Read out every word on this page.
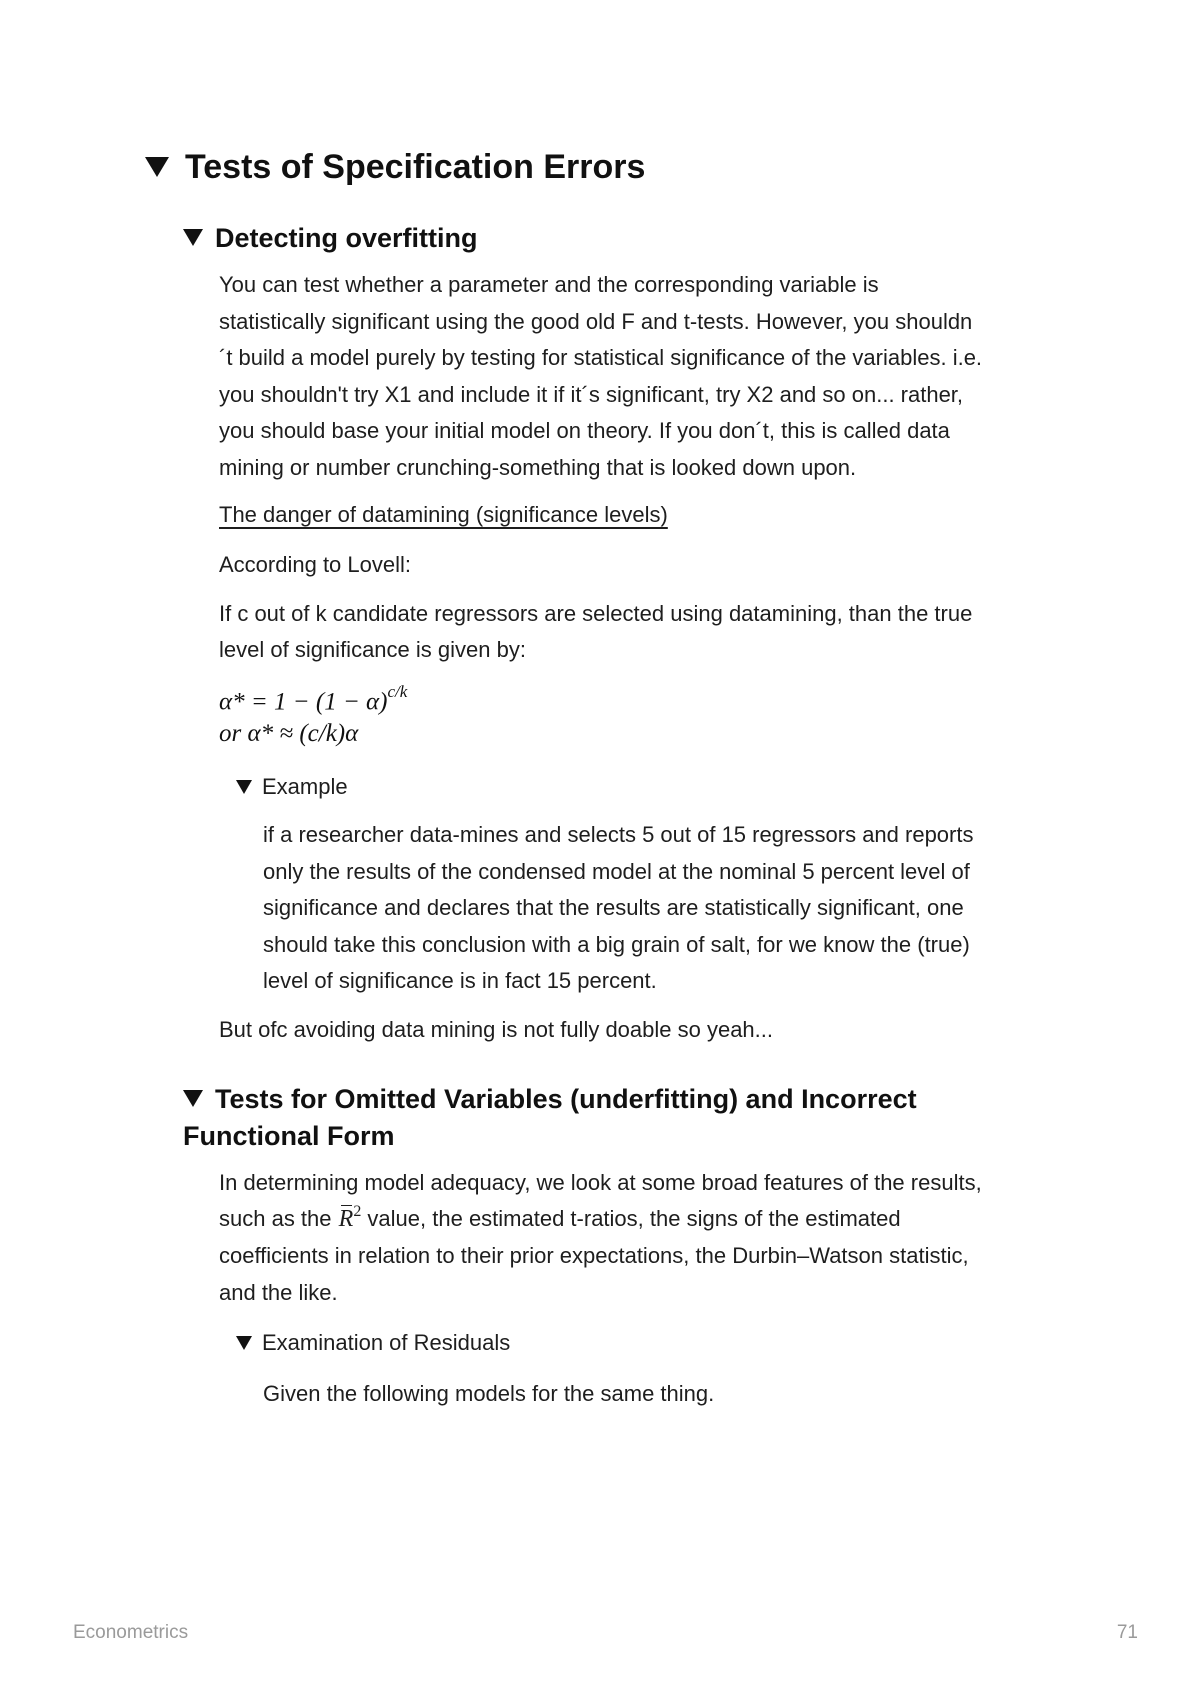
Tests of Specification Errors
Detecting overfitting
You can test whether a parameter and the corresponding variable is
statistically significant using the good old F and t-tests. However, you shouldn
´t build a model purely by testing for statistical significance of the variables. i.e.
you shouldn't try X1 and include it if it´s significant, try X2 and so on... rather,
you should base your initial model on theory. If you don´t, this is called data
mining or number crunching-something that is looked down upon.
The danger of datamining (significance levels)
According to Lovell:
If c out of k candidate regressors are selected using datamining, than the true
level of significance is given by:
$\alpha* = 1 - (1 - \alpha)^{c/k}$
or α* ≈ (c/k)α
Example
if a researcher data-mines and selects 5 out of 15 regressors and reports
only the results of the condensed model at the nominal 5 percent level of
significance and declares that the results are statistically significant, one
should take this conclusion with a big grain of salt, for we know the (true)
level of significance is in fact 15 percent.
But ofc avoiding data mining is not fully doable so yeah...
Tests for Omitted Variables (underfitting) and Incorrect
Functional Form
In determining model adequacy, we look at some broad features of the results,
such as the $R^2$ value, the estimated t-ratios, the signs of the estimated
coefficients in relation to their prior expectations, the Durbin–Watson statistic,
and the like.
Examination of Residuals
Given the following models for the same thing.
Econometrics	71
